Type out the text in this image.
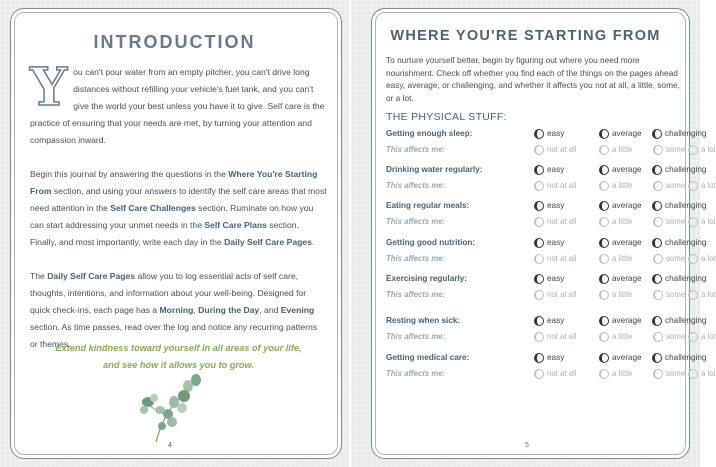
INTRODUCTION

You can't pour water from an empty pitcher, you can't drive long distances without refilling your vehicle's fuel tank, and you can't give the world your best unless you have it to give. Self care is the practice of ensuring that your needs are met, by turning your attention and compassion inward.

Begin this journal by answering the questions in the Where You're Starting From section, and using your answers to identify the self care areas that most need attention in the Self Care Challenges section. Ruminate on how you can start addressing your unmet needs in the Self Care Plans section. Finally, and most importantly, write each day in the Daily Self Care Pages.

The Daily Self Care Pages allow you to log essential acts of self care, thoughts, intentions, and information about your well-being. Designed for quick check-ins, each page has a Morning, During the Day, and Evening section. As time passes, read over the log and notice any recurring patterns or themes.

Extend kindness toward yourself in all areas of your life,
and see how it allows you to grow.
4
WHERE YOU'RE STARTING FROM
To nurture yourself better, begin by figuring out where you need more nourishment. Check off whether you find each of the things on the pages ahead easy, average, or challenging, and whether it affects you not at all, a little, some, or a lot.
THE PHYSICAL STUFF:
Getting enough sleep:	easy	average	challenging
This affects me:	not at all	a little	some a lot
Drinking water regularly:	easy	average	challenging
This affects me:	not at all	a little	some a lot
Eating regular meals:	easy	average	challenging
This affects me:	not at all	a little	some a lot
Getting good nutrition:	easy	average	challenging
This affects me:	not at all	a little	some a lot
Exercising regularly:	easy	average	challenging
This affects me:	not at all	a little	some a lot
Resting when sick:	easy	average	challenging
This affects me:	not at all	a little	some a lot
Getting medical care:	easy	average	challenging
This affects me:	not at all	a little	some a lot
5
